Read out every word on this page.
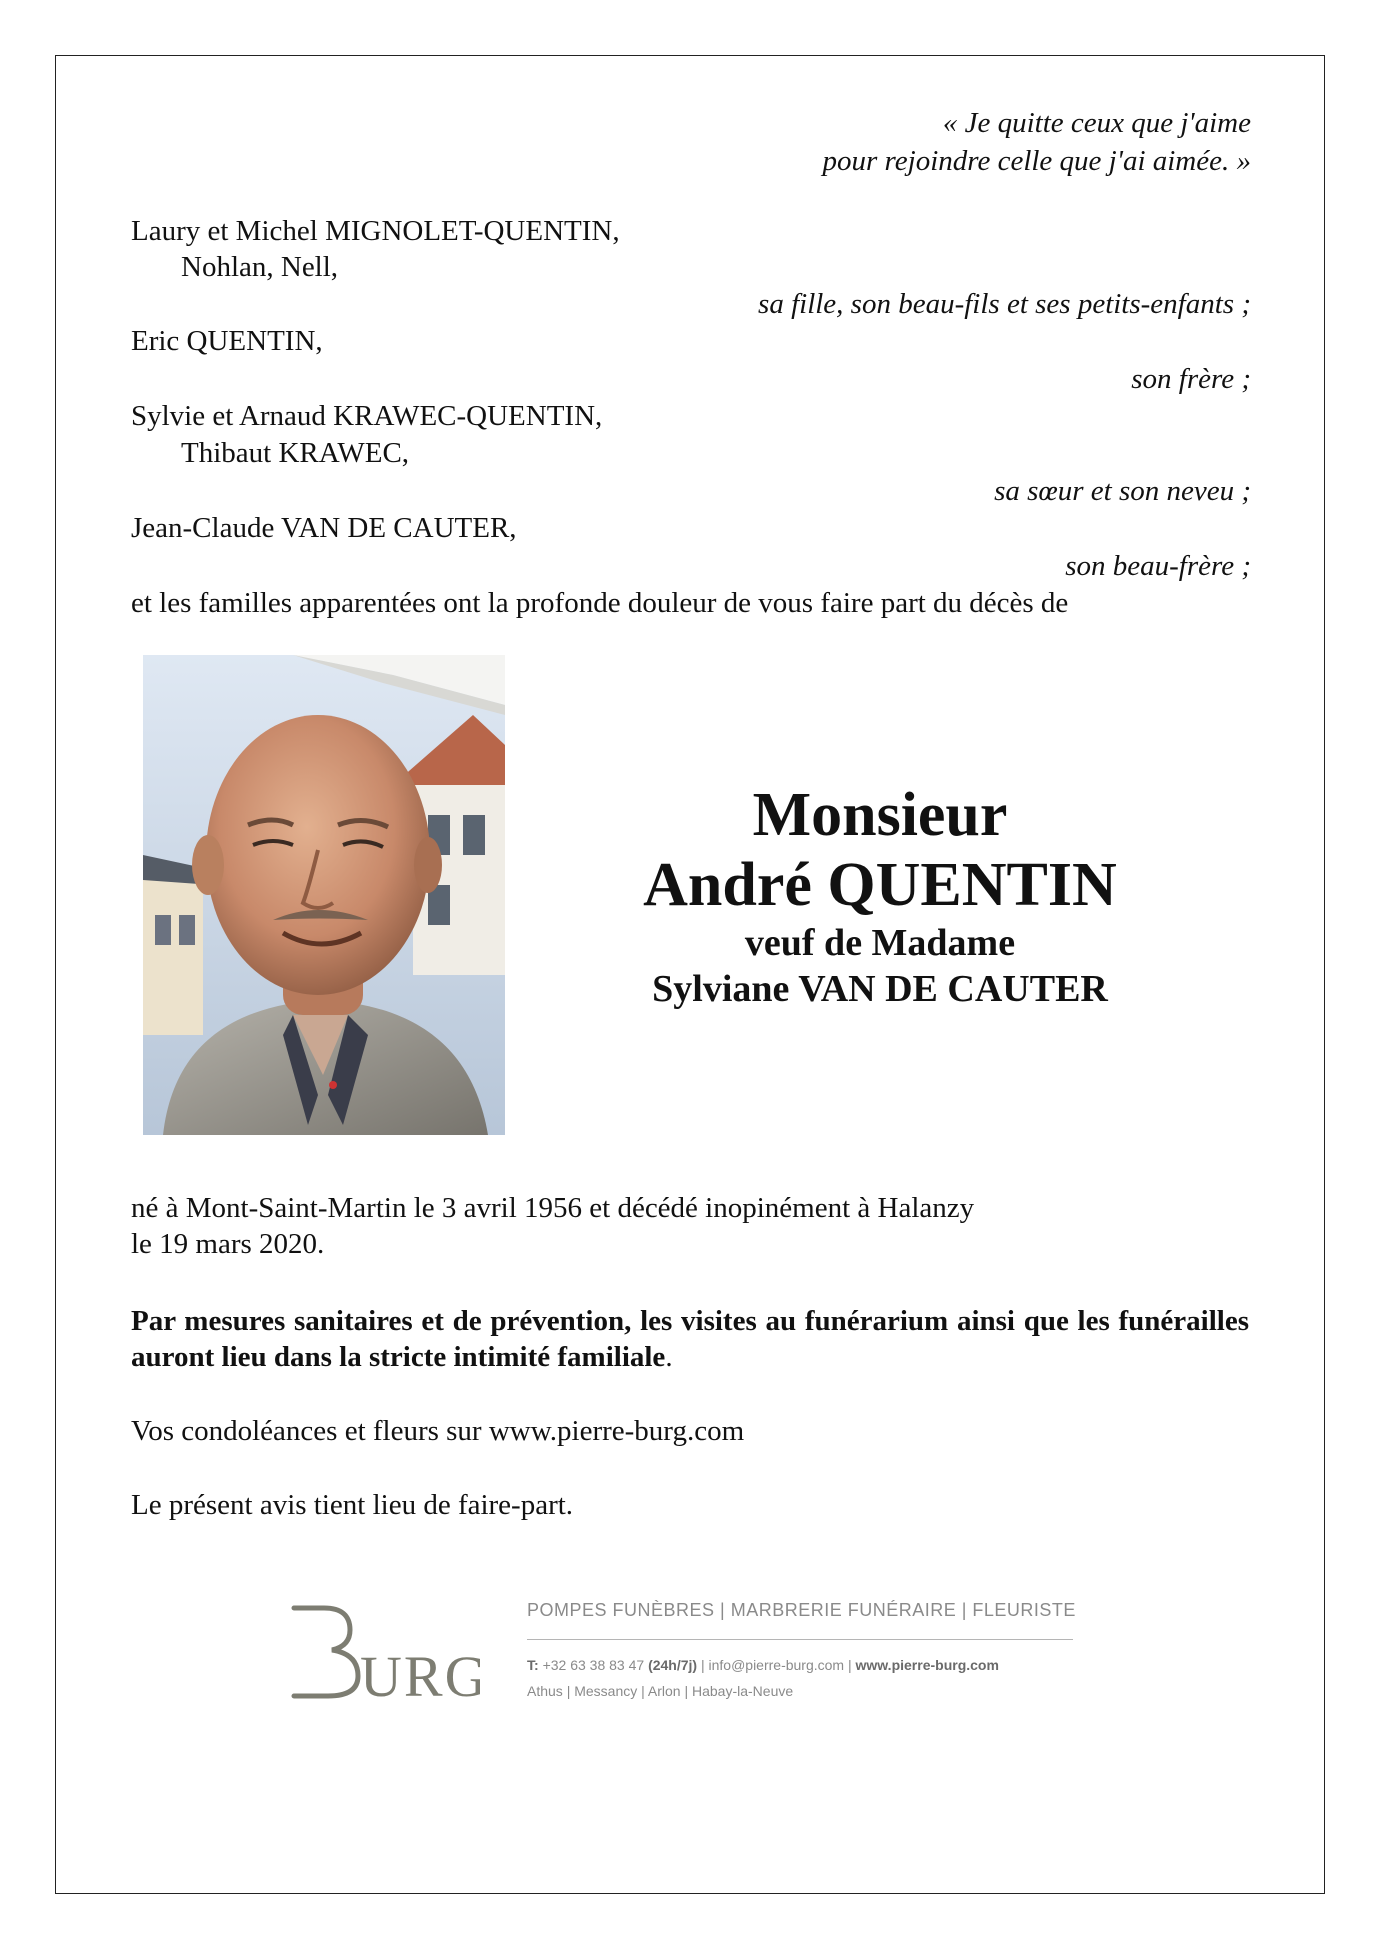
« Je quitte ceux que j'aime
pour rejoindre celle que j'ai aimée. »
Laury et Michel MIGNOLET-QUENTIN,
Nohlan, Nell,
sa fille, son beau-fils et ses petits-enfants ;
Eric QUENTIN,
son frère ;
Sylvie et Arnaud KRAWEC-QUENTIN,
Thibaut KRAWEC,
sa sœur et son neveu ;
Jean-Claude VAN DE CAUTER,
son beau-frère ;
et les familles apparentées ont la profonde douleur de vous faire part du décès de
Monsieur
André QUENTIN
veuf de Madame
Sylviane VAN DE CAUTER
né à Mont-Saint-Martin le 3 avril 1956 et décédé inopinément à Halanzy
le 19 mars 2020.
Par mesures sanitaires et de prévention, les visites au funérarium ainsi que les funérailles auront lieu dans la stricte intimité familiale.
Vos condoléances et fleurs sur www.pierre-burg.com
Le présent avis tient lieu de faire-part.
URG
POMPES FUNÈBRES | MARBRERIE FUNÉRAIRE | FLEURISTE
T: +32 63 38 83 47 (24h/7j) | info@pierre-burg.com | www.pierre-burg.com
Athus | Messancy | Arlon | Habay-la-Neuve
